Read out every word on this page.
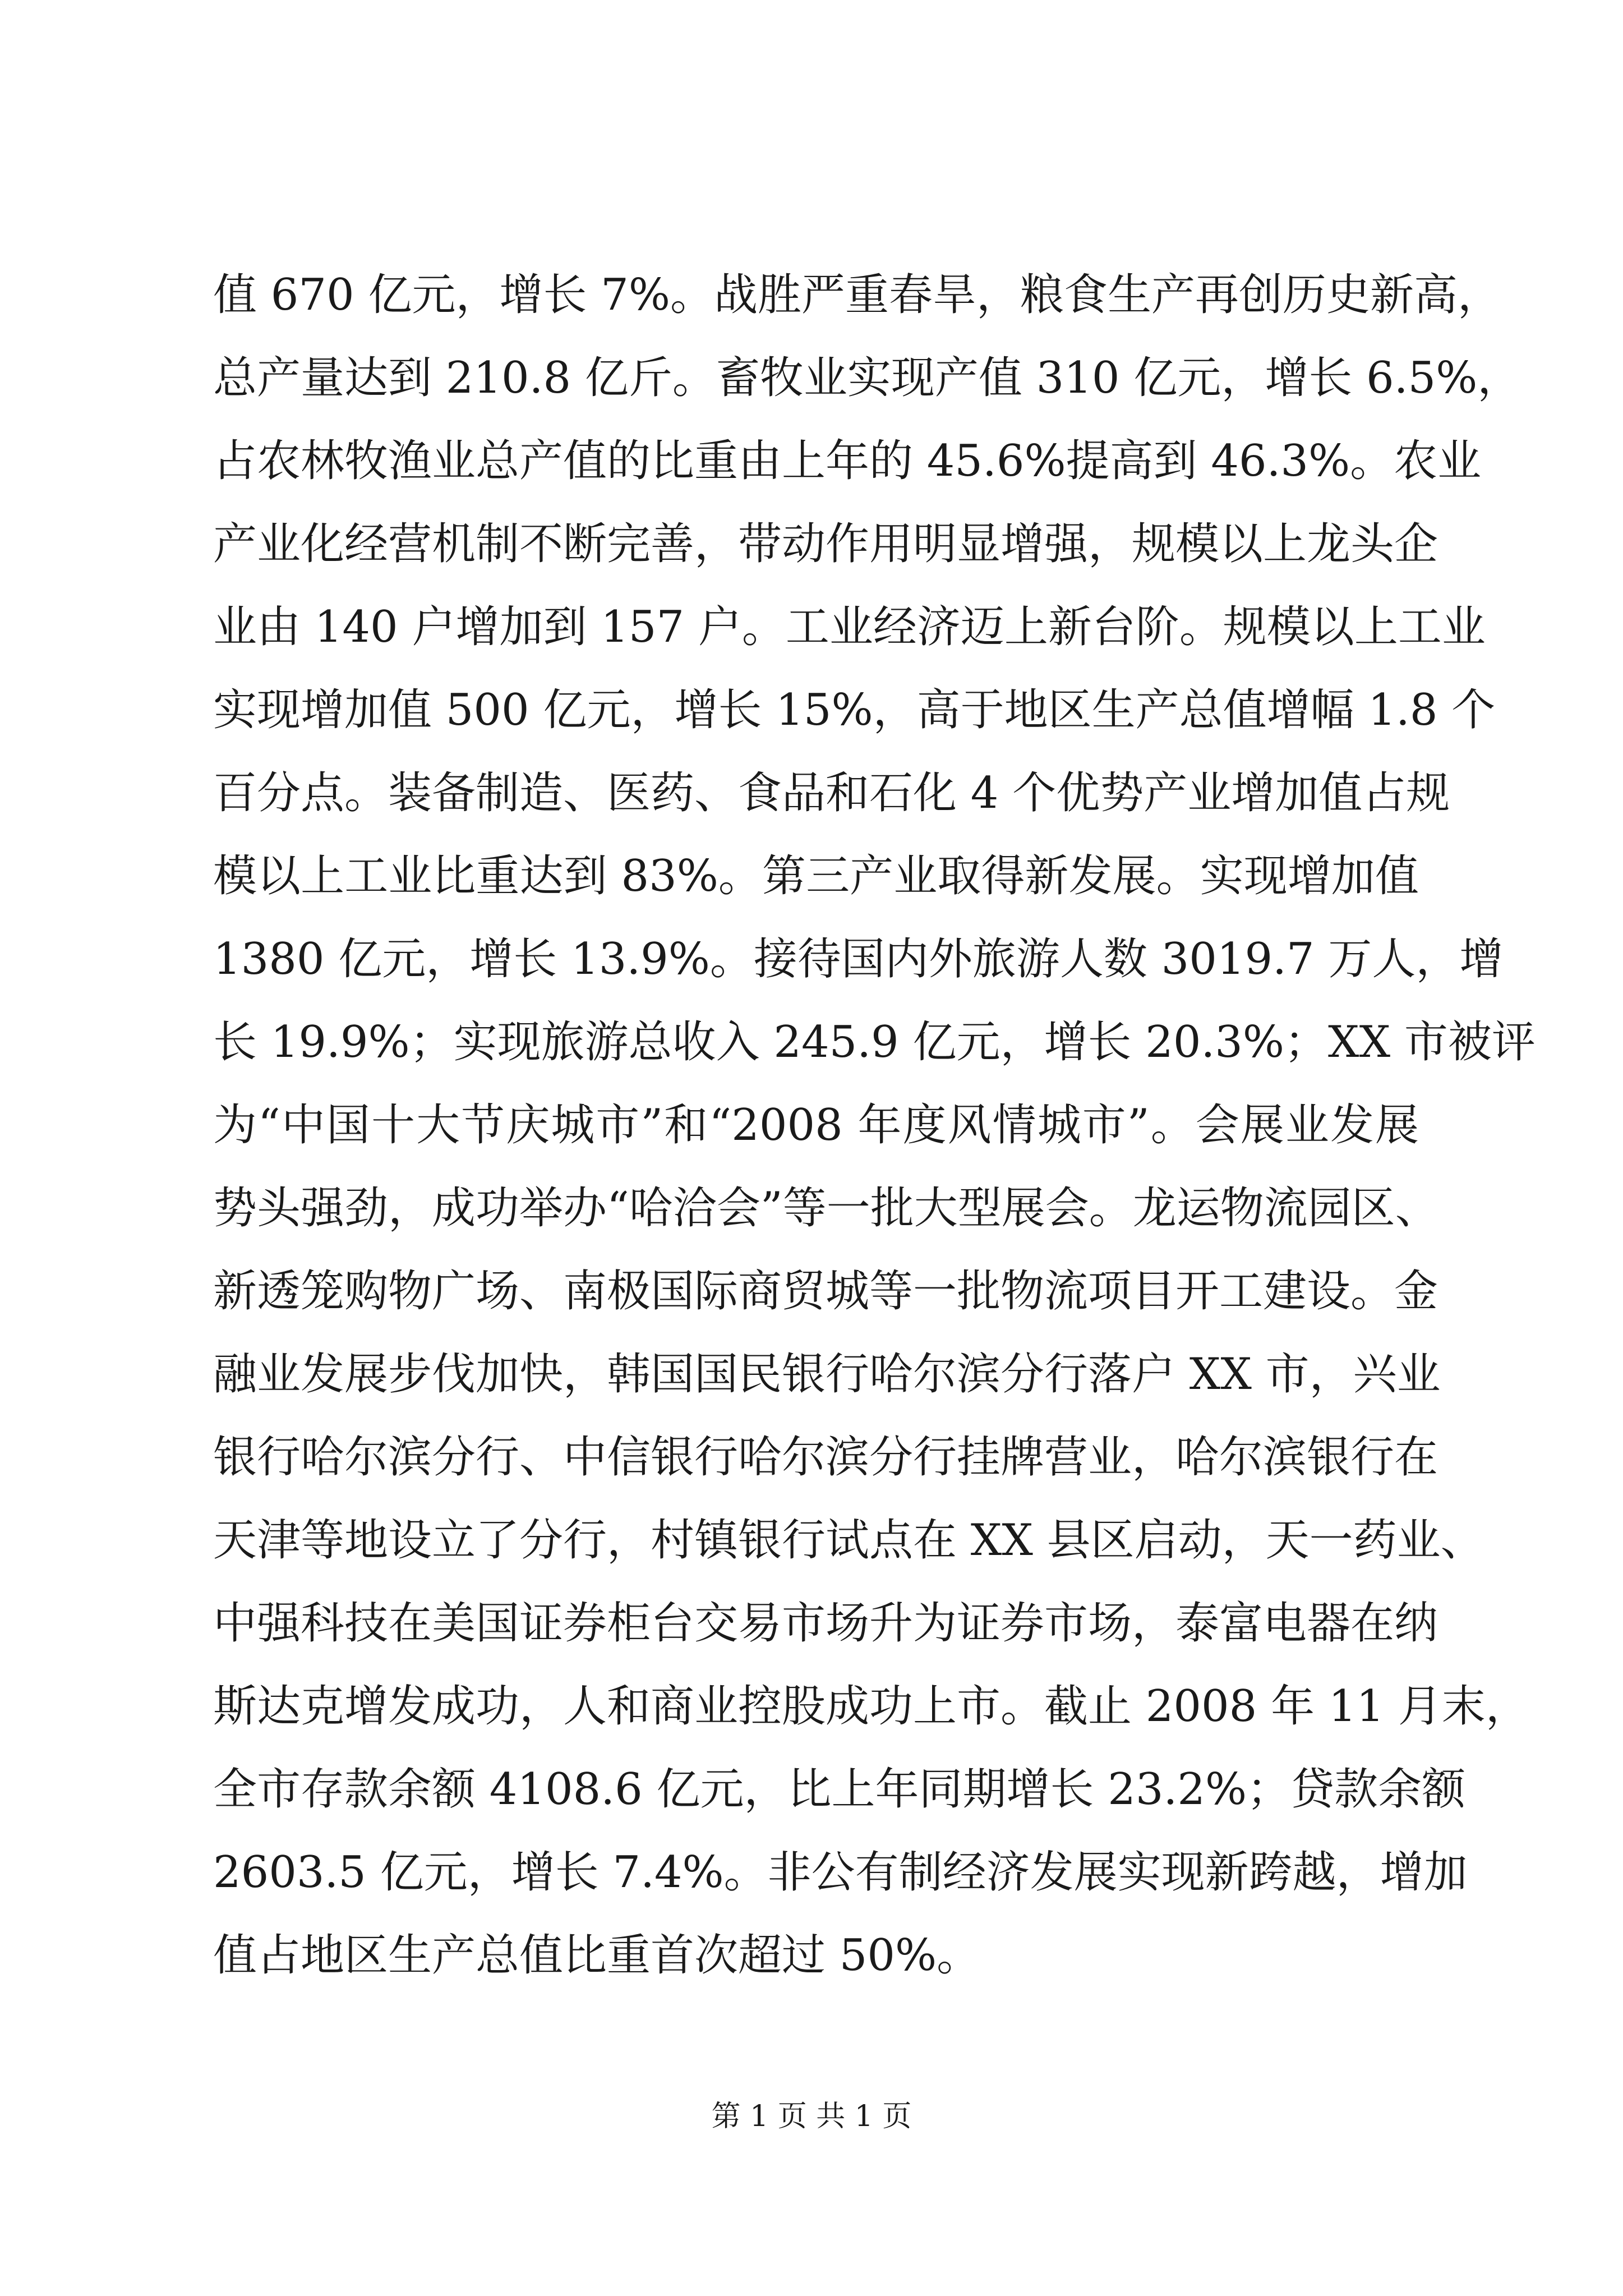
值 670 亿元，增长 7%。战胜严重春旱，粮食生产再创历史新高，
总产量达到 210.8 亿斤。畜牧业实现产值 310 亿元，增长 6.5%，
占农林牧渔业总产值的比重由上年的 45.6%提高到 46.3%。农业
产业化经营机制不断完善，带动作用明显增强，规模以上龙头企
业由 140 户增加到 157 户。工业经济迈上新台阶。规模以上工业
实现增加值 500 亿元，增长 15%，高于地区生产总值增幅 1.8 个
百分点。装备制造、医药、食品和石化 4 个优势产业增加值占规
模以上工业比重达到 83%。第三产业取得新发展。实现增加值
1380 亿元，增长 13.9%。接待国内外旅游人数 3019.7 万人，增
长 19.9%；实现旅游总收入 245.9 亿元，增长 20.3%；XX 市被评
为“中国十大节庆城市”和“2008 年度风情城市”。会展业发展
势头强劲，成功举办“哈洽会”等一批大型展会。龙运物流园区、
新透笼购物广场、南极国际商贸城等一批物流项目开工建设。金
融业发展步伐加快，韩国国民银行哈尔滨分行落户 XX 市，兴业
银行哈尔滨分行、中信银行哈尔滨分行挂牌营业，哈尔滨银行在
天津等地设立了分行，村镇银行试点在 XX 县区启动，天一药业、
中强科技在美国证券柜台交易市场升为证券市场，泰富电器在纳
斯达克增发成功，人和商业控股成功上市。截止 2008 年 11 月末，
全市存款余额 4108.6 亿元，比上年同期增长 23.2%；贷款余额
2603.5 亿元，增长 7.4%。非公有制经济发展实现新跨越，增加
值占地区生产总值比重首次超过 50%。

第 1 页 共 1 页
